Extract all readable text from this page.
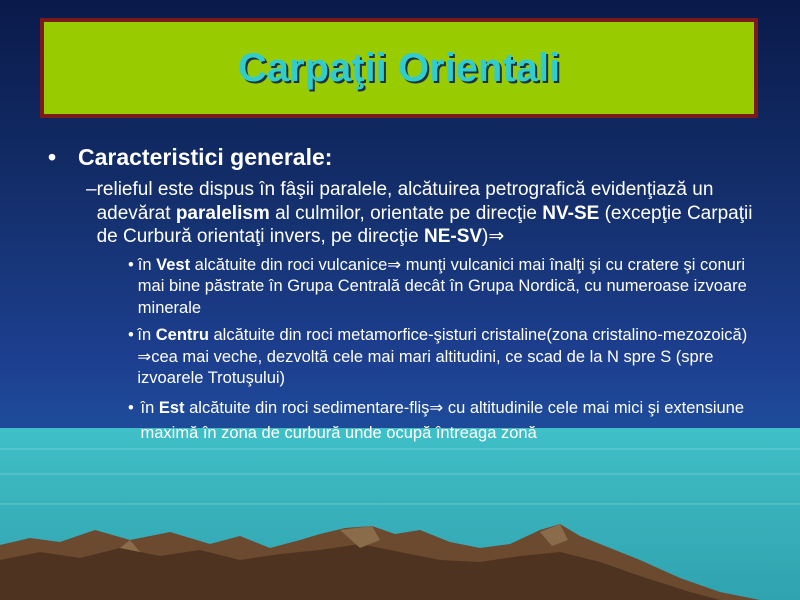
Carpaţii Orientali
• Caracteristici generale:
– relieful este dispus în fâşii paralele, alcătuirea petrografică evidenţiază un adevărat paralelism al culmilor, orientate pe direcţie NV-SE (excepţie Carpaţii de Curbură orientaţi invers, pe direcţie NE-SV)⇒
• în Vest alcătuite din roci vulcanice⇒ munţi vulcanici mai înalţi şi cu cratere şi conuri mai bine păstrate în Grupa Centrală decât în Grupa Nordică, cu numeroase izvoare minerale
• în Centru alcătuite din roci metamorfice-şisturi cristaline(zona cristalino-mezozoică) ⇒cea mai veche, dezvoltă cele mai mari altitudini, ce scad de la N spre S (spre izvoarele Trotuşului)
• în Est alcătuite din roci sedimentare-fliş⇒ cu altitudinile cele mai mici şi extensiune maximă în zona de curbură unde ocupă întreaga zonă
